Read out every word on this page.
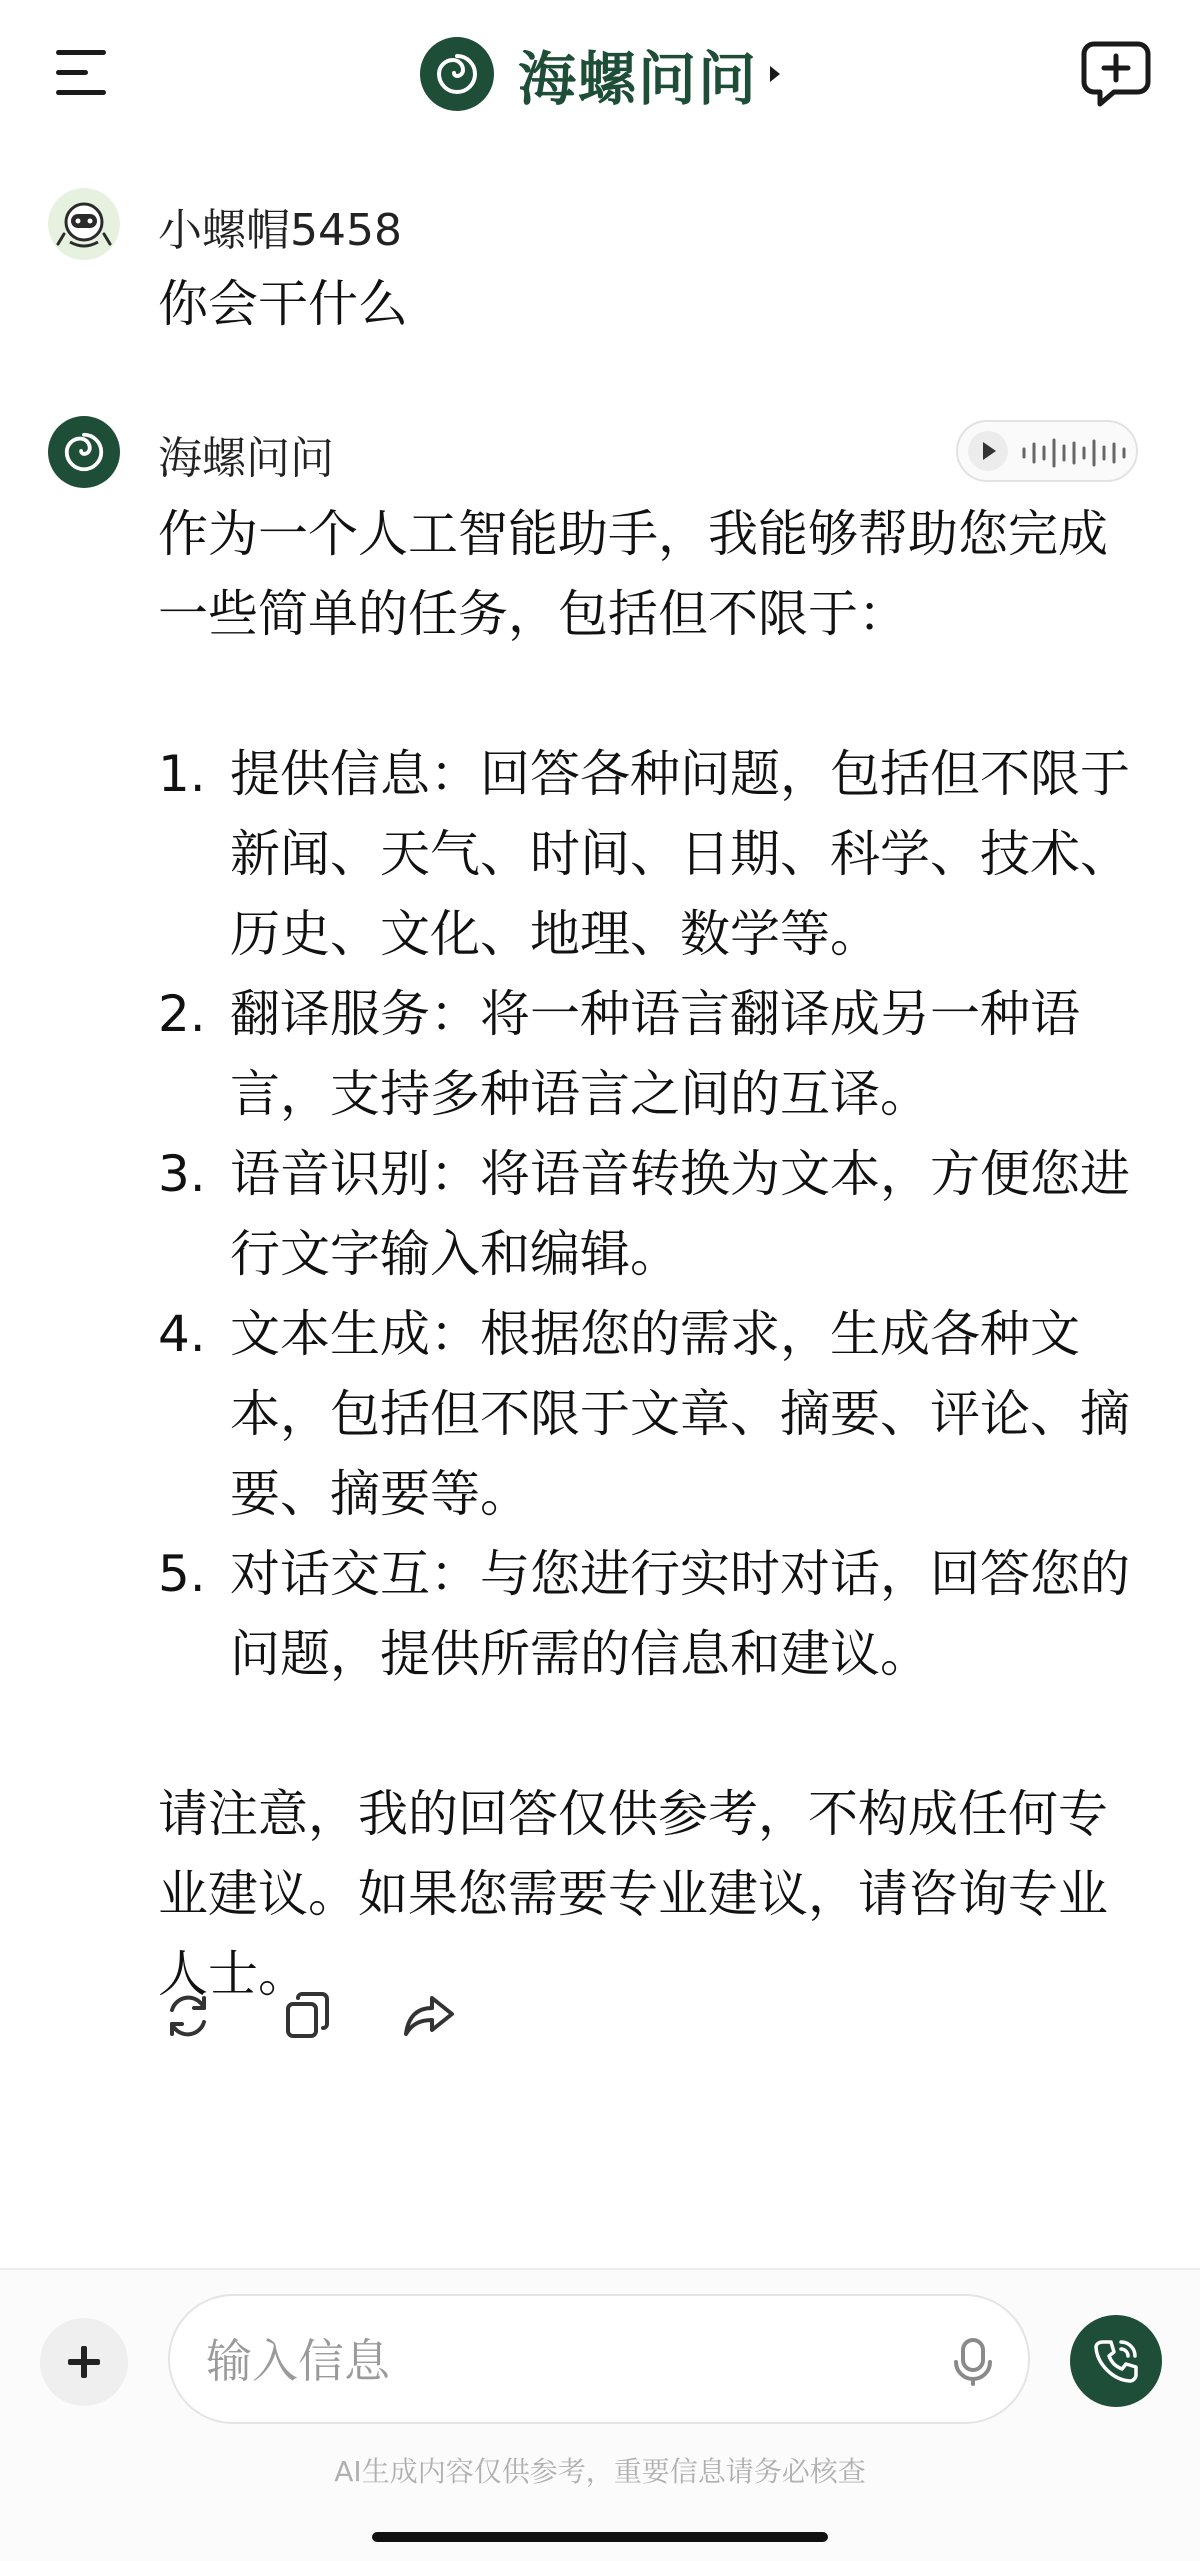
海螺问问
小螺帽5458
你会干什么
海螺问问

作为一个人工智能助手，我能够帮助您完成一些简单的任务，包括但不限于：

1. 提供信息：回答各种问题，包括但不限于新闻、天气、时间、日期、科学、技术、历史、文化、地理、数学等。
2. 翻译服务：将一种语言翻译成另一种语言，支持多种语言之间的互译。
3. 语音识别：将语音转换为文本，方便您进行文字输入和编辑。
4. 文本生成：根据您的需求，生成各种文本，包括但不限于文章、摘要、评论、摘要、摘要等。
5. 对话交互：与您进行实时对话，回答您的问题，提供所需的信息和建议。

请注意，我的回答仅供参考，不构成任何专业建议。如果您需要专业建议，请咨询专业人士。

输入信息
AI生成内容仅供参考，重要信息请务必核查
